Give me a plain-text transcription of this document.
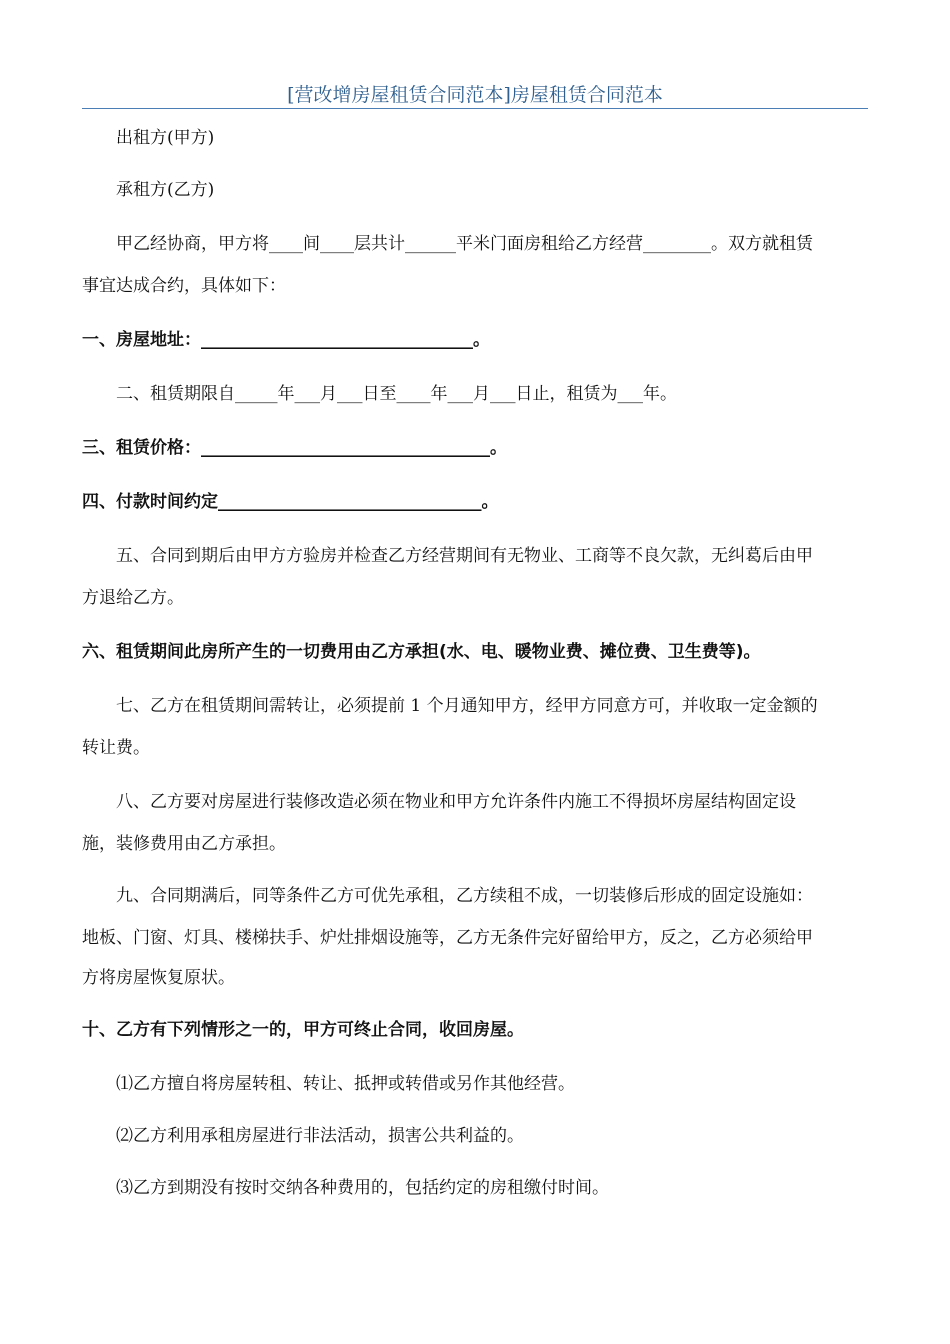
[营改增房屋租赁合同范本]房屋租赁合同范本
出租方(甲方)
承租方(乙方)
甲乙经协商，甲方将____间____层共计______平米门面房租给乙方经营________。双方就租赁
事宜达成合约，具体如下：
一、房屋地址：________________________________。
二、租赁期限自_____年___月___日至____年___月___日止，租赁为___年。
三、租赁价格：__________________________________。
四、付款时间约定_______________________________。
五、合同到期后由甲方方验房并检查乙方经营期间有无物业、工商等不良欠款，无纠葛后由甲
方退给乙方。
六、租赁期间此房所产生的一切费用由乙方承担(水、电、暖物业费、摊位费、卫生费等)。
七、乙方在租赁期间需转让，必须提前 1 个月通知甲方，经甲方同意方可，并收取一定金额的
转让费。
八、乙方要对房屋进行装修改造必须在物业和甲方允许条件内施工不得损坏房屋结构固定设
施，装修费用由乙方承担。
九、合同期满后，同等条件乙方可优先承租，乙方续租不成，一切装修后形成的固定设施如：
地板、门窗、灯具、楼梯扶手、炉灶排烟设施等，乙方无条件完好留给甲方，反之，乙方必须给甲
方将房屋恢复原状。
十、乙方有下列情形之一的，甲方可终止合同，收回房屋。
⑴乙方擅自将房屋转租、转让、抵押或转借或另作其他经营。
⑵乙方利用承租房屋进行非法活动，损害公共利益的。
⑶乙方到期没有按时交纳各种费用的，包括约定的房租缴付时间。
